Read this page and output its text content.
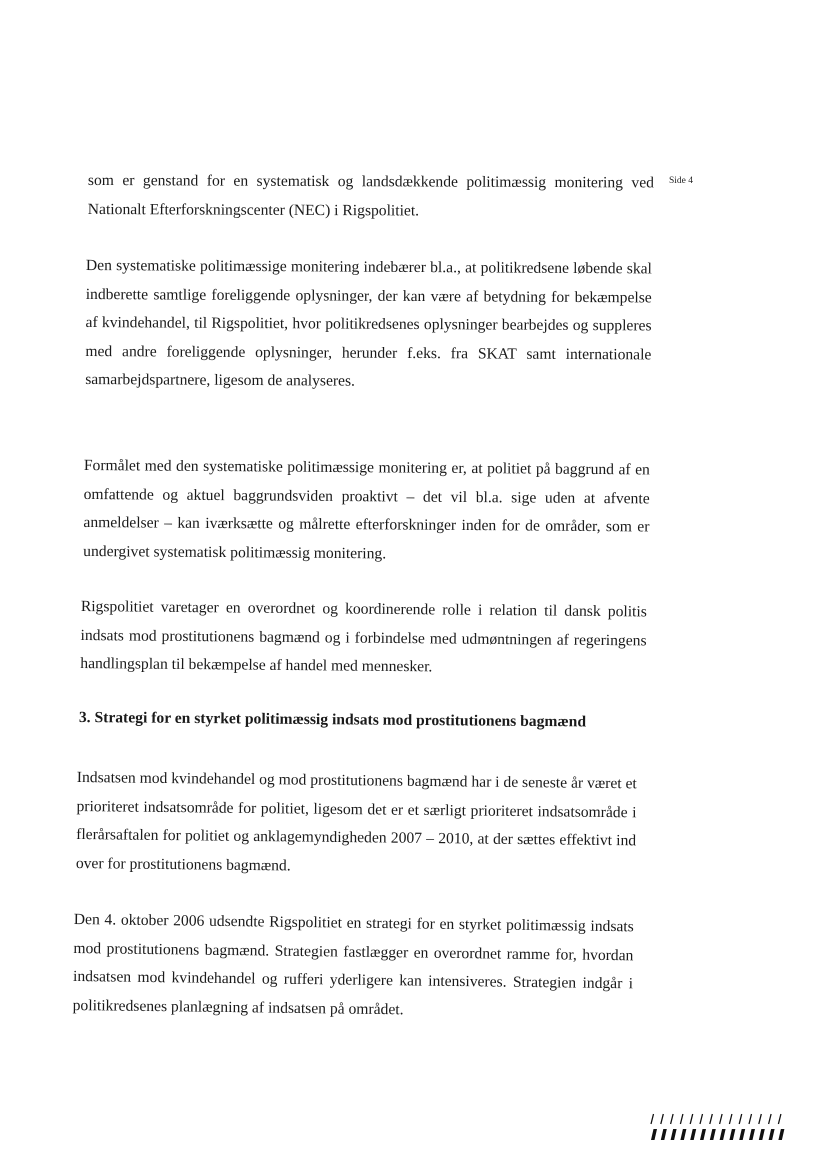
Side 4

som er genstand for en systematisk og landsdækkende politimæssig monitering ved Nationalt Efterforskningscenter (NEC) i Rigspolitiet.

Den systematiske politimæssige monitering indebærer bl.a., at politikredsene løbende skal indberette samtlige foreliggende oplysninger, der kan være af betydning for bekæmpelse af kvindehandel, til Rigspolitiet, hvor politikredsenes oplysninger bearbejdes og suppleres med andre foreliggende oplysninger, herunder f.eks. fra SKAT samt internationale samarbejdspartnere, ligesom de analyseres.

Formålet med den systematiske politimæssige monitering er, at politiet på baggrund af en omfattende og aktuel baggrundsviden proaktivt – det vil bl.a. sige uden at afvente anmeldelser – kan iværksætte og målrette efterforskninger inden for de områder, som er undergivet systematisk politimæssig monitering.

Rigspolitiet varetager en overordnet og koordinerende rolle i relation til dansk politis indsats mod prostitutionens bagmænd og i forbindelse med udmøntningen af regeringens handlingsplan til bekæmpelse af handel med mennesker.

3. Strategi for en styrket politimæssig indsats mod prostitutionens bagmænd

Indsatsen mod kvindehandel og mod prostitutionens bagmænd har i de seneste år været et prioriteret indsatsområde for politiet, ligesom det er et særligt prioriteret indsatsområde i flerårsaftalen for politiet og anklagemyndigheden 2007 – 2010, at der sættes effektivt ind over for prostitutionens bagmænd.

Den 4. oktober 2006 udsendte Rigspolitiet en strategi for en styrket politimæssig indsats mod prostitutionens bagmænd. Strategien fastlægger en overordnet ramme for, hvordan indsatsen mod kvindehandel og rufferi yderligere kan intensiveres. Strategien indgår i politikredsenes planlægning af indsatsen på området.
